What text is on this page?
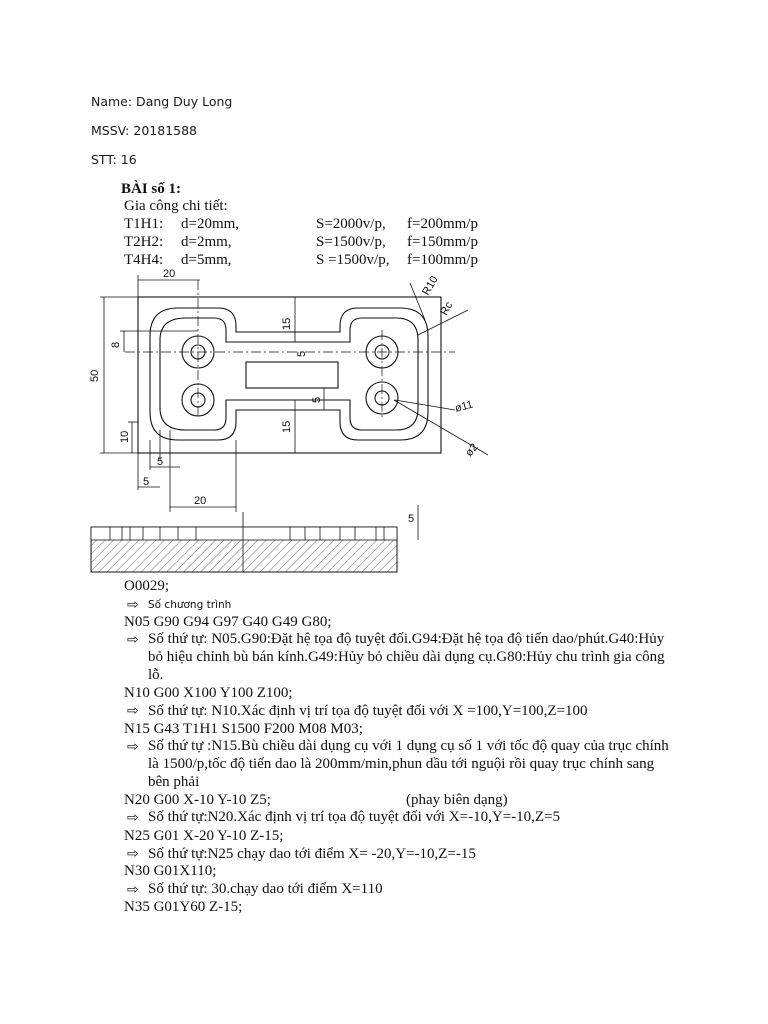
Name: Dang Duy Long
MSSV: 20181588
STT: 16
BÀI số 1:
Gia công chi tiết:
T1H1: d=20mm,	S=2000v/p, f=200mm/p
T2H2: d=2mm,	S=1500v/p, f=150mm/p
T4H4: d=5mm,	S =1500v/p, f=100mm/p
20
R10
Rc
15
8
5
50
5
15
10
5
5
20
ø11
ø2
5
O0029;
⇨ Số chương trình
N05 G90 G94 G97 G40 G49 G80;
⇨ Số thứ tự: N05.G90:Đặt hệ tọa độ tuyệt đối.G94:Đặt hệ tọa độ tiến dao/phút.G40:Hủy
bỏ hiệu chỉnh bù bán kính.G49:Hủy bỏ chiều dài dụng cụ.G80:Hủy chu trình gia công
lỗ.
N10 G00 X100 Y100 Z100;
⇨ Số thứ tự: N10.Xác định vị trí tọa độ tuyệt đối với X =100,Y=100,Z=100
N15 G43 T1H1 S1500 F200 M08 M03;
⇨ Số thứ tự :N15.Bù chiều dài dụng cụ với 1 dụng cụ số 1 với tốc độ quay của trục chính
là 1500/p,tốc độ tiến dao là 200mm/min,phun dầu tới nguội rồi quay trục chính sang
bên phải
N20 G00 X-10 Y-10 Z5;	(phay biên dạng)
⇨ Số thứ tự:N20.Xác định vị trí tọa độ tuyệt đối với X=-10,Y=-10,Z=5
N25 G01 X-20 Y-10 Z-15;
⇨ Số thứ tự:N25 chạy dao tới điểm X= -20,Y=-10,Z=-15
N30 G01X110;
⇨ Số thứ tự: 30.chạy dao tới điểm X=110
N35 G01Y60 Z-15;
